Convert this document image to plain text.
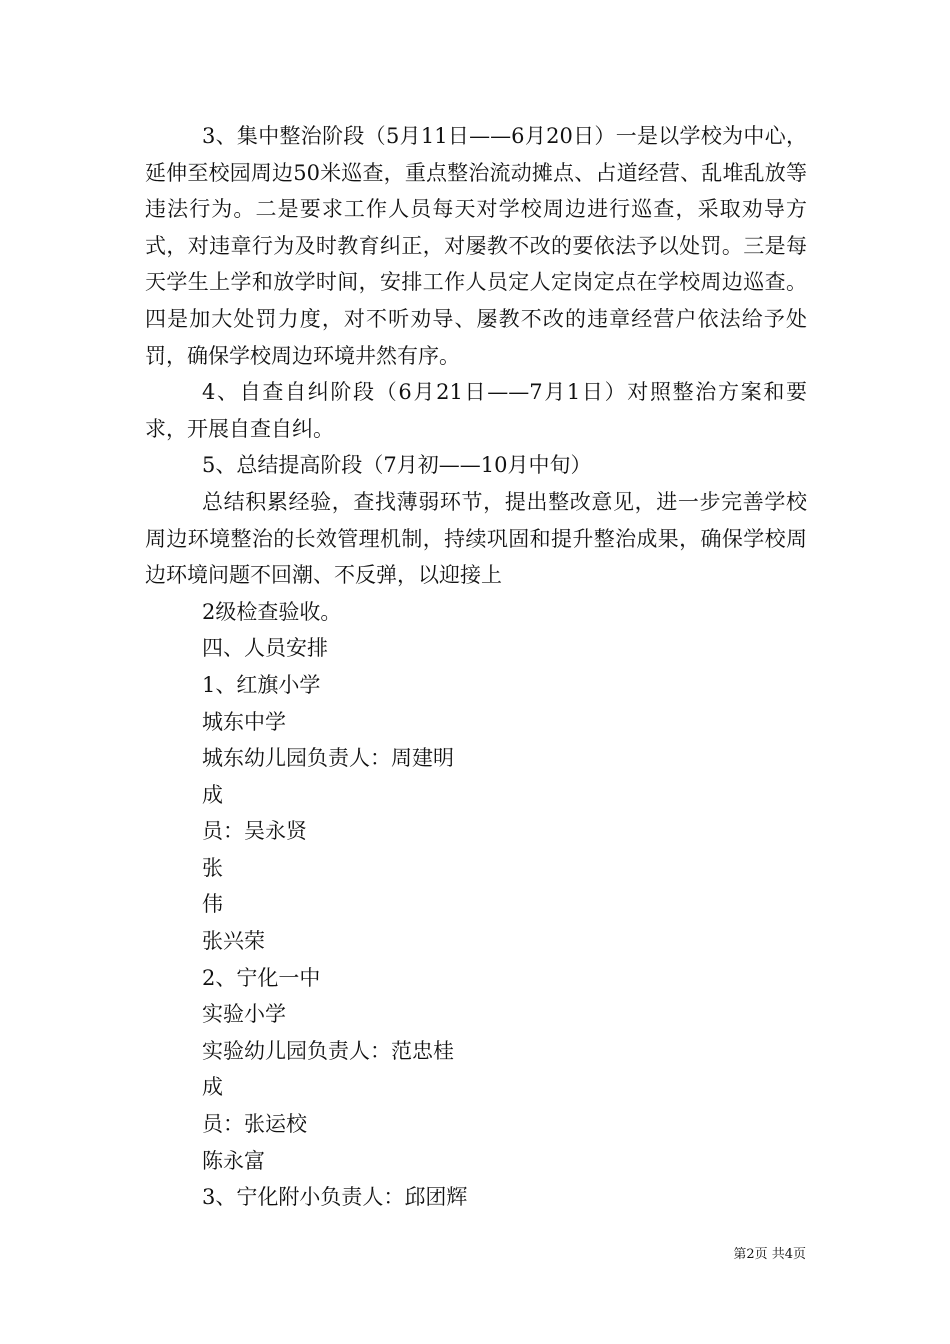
3、集中整治阶段（5月11日——6月20日）一是以学校为中心，延伸至校园周边50米巡查，重点整治流动摊点、占道经营、乱堆乱放等违法行为。二是要求工作人员每天对学校周边进行巡查，采取劝导方式，对违章行为及时教育纠正，对屡教不改的要依法予以处罚。三是每天学生上学和放学时间，安排工作人员定人定岗定点在学校周边巡查。四是加大处罚力度，对不听劝导、屡教不改的违章经营户依法给予处罚，确保学校周边环境井然有序。

4、自查自纠阶段（6月21日——7月1日）对照整治方案和要求，开展自查自纠。

5、总结提高阶段（7月初——10月中旬）

总结积累经验，查找薄弱环节，提出整改意见，进一步完善学校周边环境整治的长效管理机制，持续巩固和提升整治成果，确保学校周边环境问题不回潮、不反弹，以迎接上

2级检查验收。
四、人员安排
1、红旗小学
城东中学
城东幼儿园负责人：周建明
成
员：吴永贤
张
伟
张兴荣
2、宁化一中
实验小学
实验幼儿园负责人：范忠桂
成
员：张运校
陈永富
3、宁化附小负责人：邱团辉
第2页 共4页
